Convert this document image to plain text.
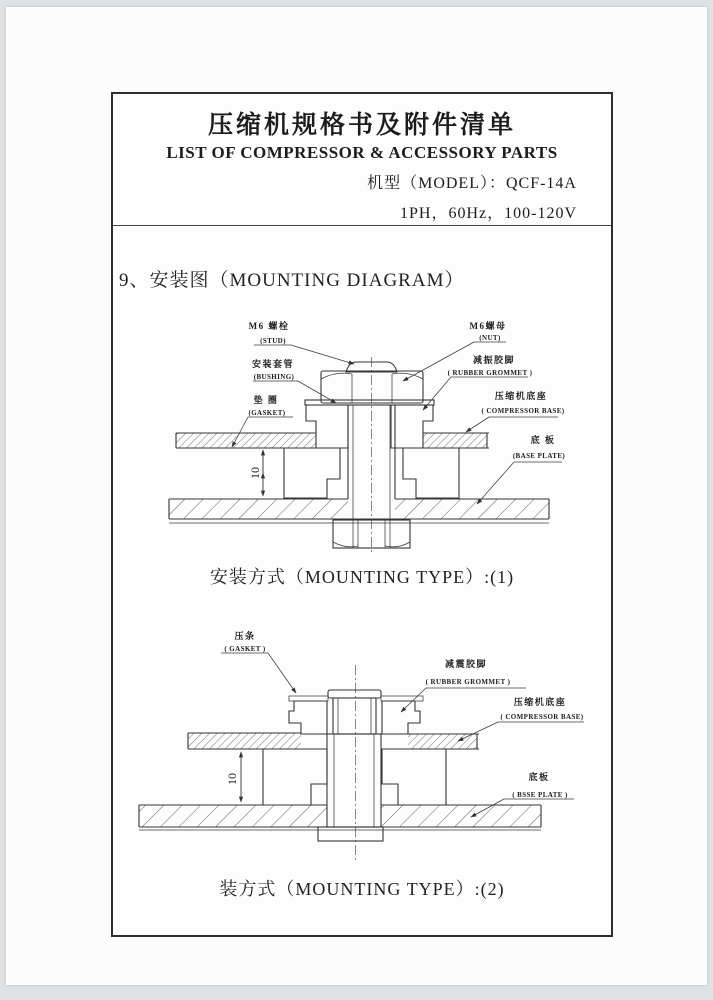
压缩机规格书及附件清单
LIST OF COMPRESSOR & ACCESSORY PARTS
机型（MODEL）：QCF-14A
1PH，60Hz，100-120V
9、安装图（MOUNTING DIAGRAM）
10
M6 螺栓
(STUD)
安装套管
(BUSHING)
垫 圈
(GASKET)
M6螺母
(NUT)
减振胶脚
( RUBBER GROMMET )
压缩机底座
( COMPRESSOR BASE)
底 板
(BASE PLATE)
安装方式（MOUNTING TYPE）:(1)
10
压条
( GASKET )
减震胶脚
( RUBBER GROMMET )
压缩机底座
( COMPRESSOR BASE)
底板
( BSSE PLATE )
装方式（MOUNTING TYPE）:(2)
